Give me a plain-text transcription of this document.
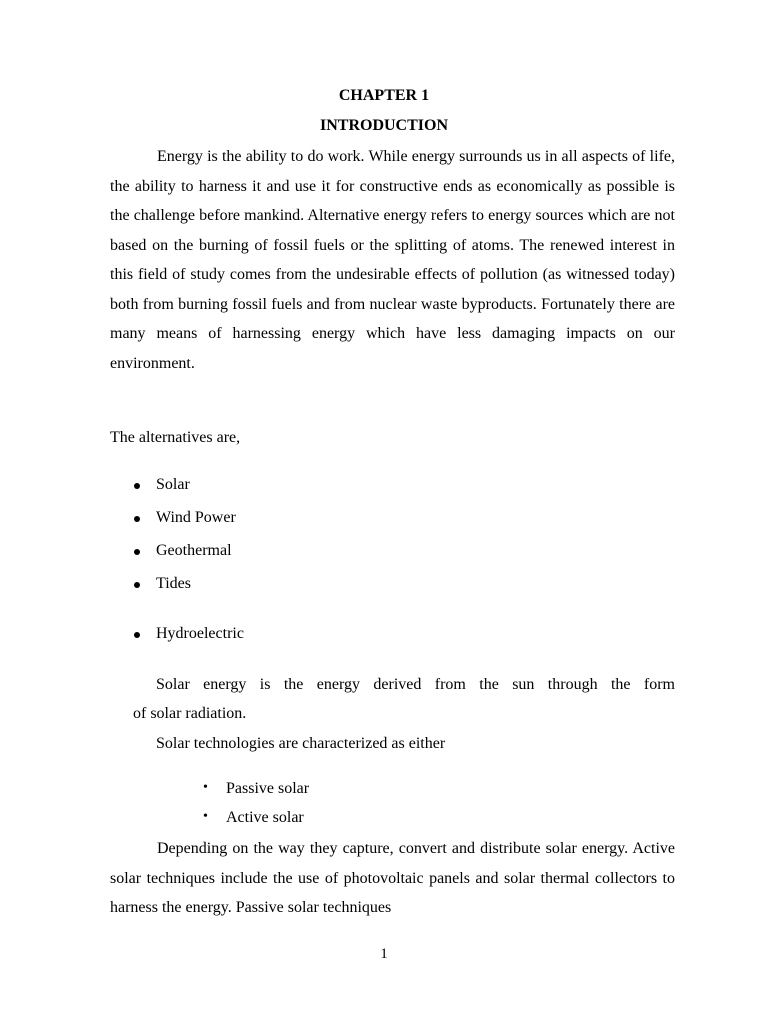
CHAPTER 1
INTRODUCTION

Energy is the ability to do work. While energy surrounds us in all aspects of life, the ability to harness it and use it for constructive ends as economically as possible is the challenge before mankind. Alternative energy refers to energy sources which are not based on the burning of fossil fuels or the splitting of atoms. The renewed interest in this field of study comes from the undesirable effects of pollution (as witnessed today) both from burning fossil fuels and from nuclear waste byproducts. Fortunately there are many means of harnessing energy which have less damaging impacts on our environment.

The alternatives are,

Solar
Wind Power
Geothermal
Tides
Hydroelectric

Solar energy is the energy derived from the sun through the form

of solar radiation.

Solar technologies are characterized as either

• Passive solar
• Active solar

Depending on the way they capture, convert and distribute solar energy. Active solar techniques include the use of photovoltaic panels and solar thermal collectors to harness the energy. Passive solar techniques

1
